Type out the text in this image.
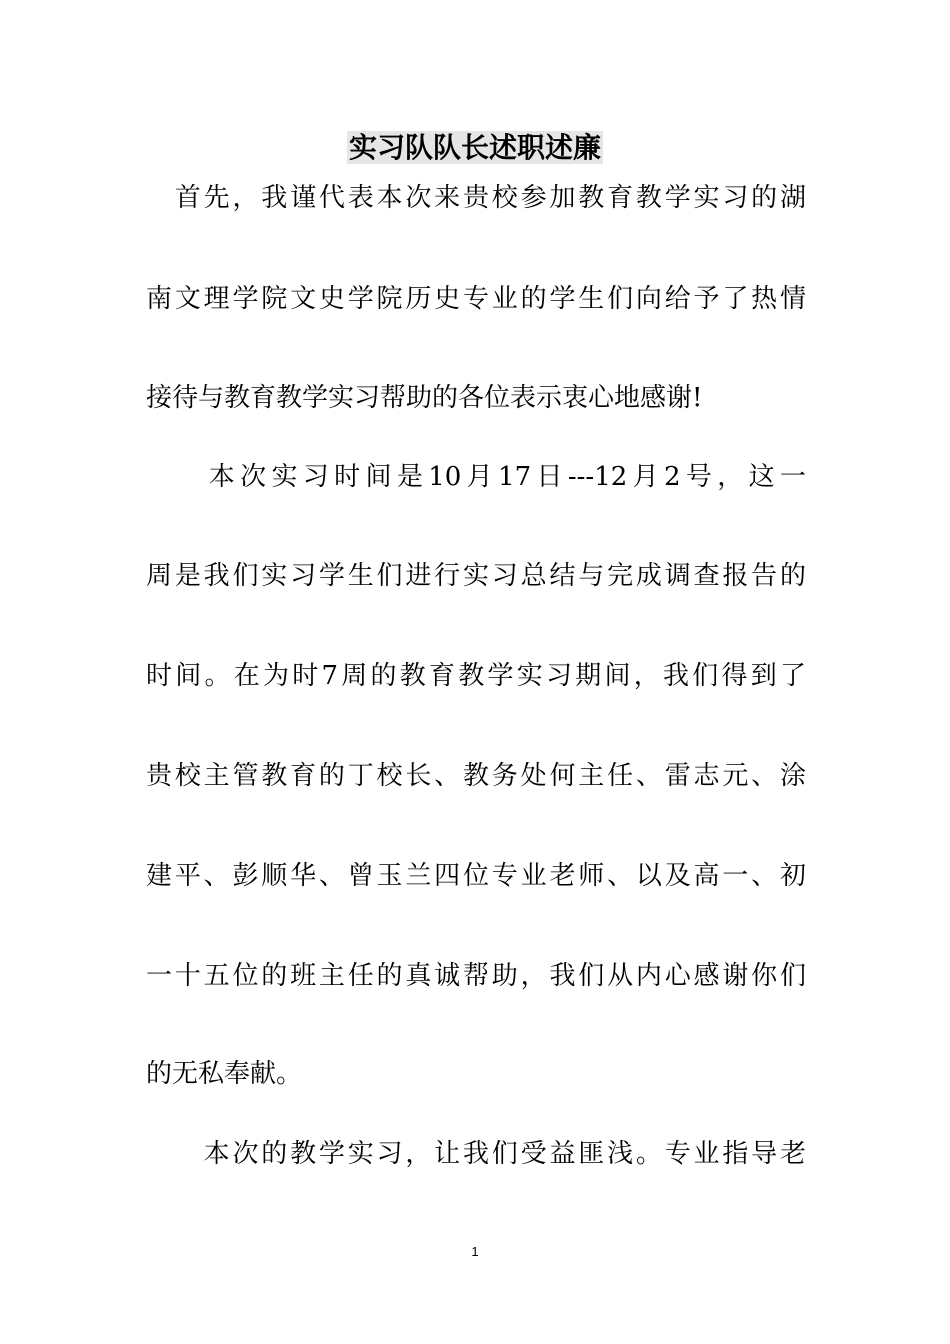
实习队队长述职述廉
　首先，我谨代表本次来贵校参加教育教学实习的湖
南文理学院文史学院历史专业的学生们向给予了热情
接待与教育教学实习帮助的各位表示衷心地感谢!
　　本次实习时间是10月17日---12月2号，这一
周是我们实习学生们进行实习总结与完成调查报告的
时间。在为时7周的教育教学实习期间，我们得到了
贵校主管教育的丁校长、教务处何主任、雷志元、涂
建平、彭顺华、曾玉兰四位专业老师、以及高一、初
一十五位的班主任的真诚帮助，我们从内心感谢你们
的无私奉献。
　　本次的教学实习，让我们受益匪浅。专业指导老
1
